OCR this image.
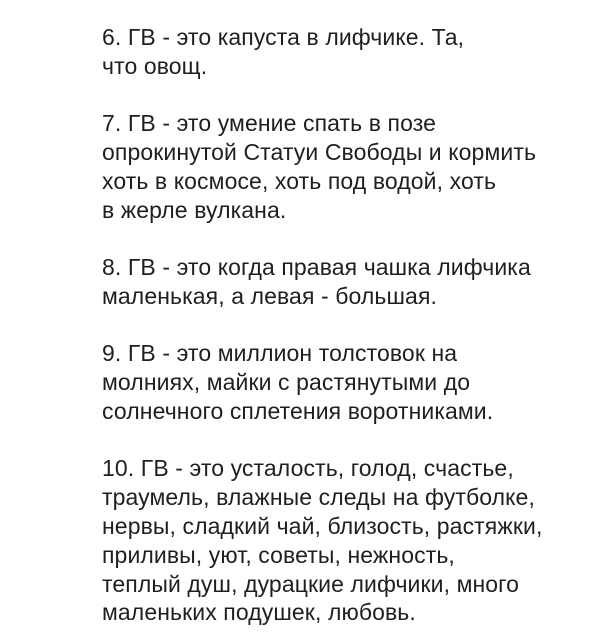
6. ГВ - это капуста в лифчике. Та,
что овощ.
7. ГВ - это умение спать в позе
опрокинутой Статуи Свободы и кормить
хоть в космосе, хоть под водой, хоть
в жерле вулкана.
8. ГВ - это когда правая чашка лифчика
маленькая, а левая - большая.
9. ГВ - это миллион толстовок на
молниях, майки с растянутыми до
солнечного сплетения воротниками.
10. ГВ - это усталость, голод, счастье,
траумель, влажные следы на футболке,
нервы, сладкий чай, близость, растяжки,
приливы, уют, советы, нежность,
теплый душ, дурацкие лифчики, много
маленьких подушек, любовь.
